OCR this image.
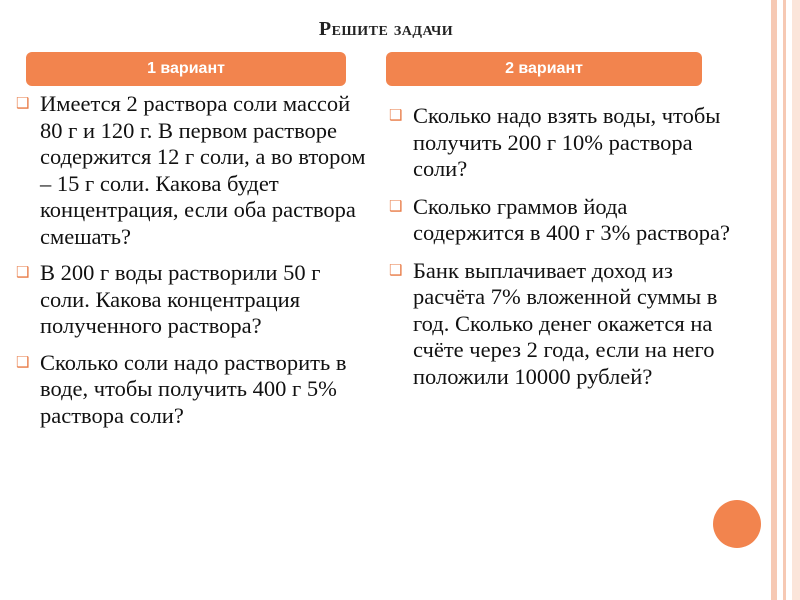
Решите задачи
1 вариант	2 вариант
❑ Имеется 2 раствора соли массой 80 г и 120 г. В первом растворе содержится 12 г соли, а во втором – 15 г соли. Какова будет концентрация, если оба раствора смешать?
❑ В 200 г воды растворили 50 г соли. Какова концентрация полученного раствора?
❑ Сколько соли надо растворить в воде, чтобы получить 400 г 5% раствора соли?
❑ Сколько надо взять воды, чтобы получить 200 г 10% раствора соли?
❑ Сколько граммов йода содержится в 400 г 3% раствора?
❑ Банк выплачивает доход из расчёта 7% вложенной суммы в год. Сколько денег окажется на счёте через 2 года, если на него положили 10000 рублей?
